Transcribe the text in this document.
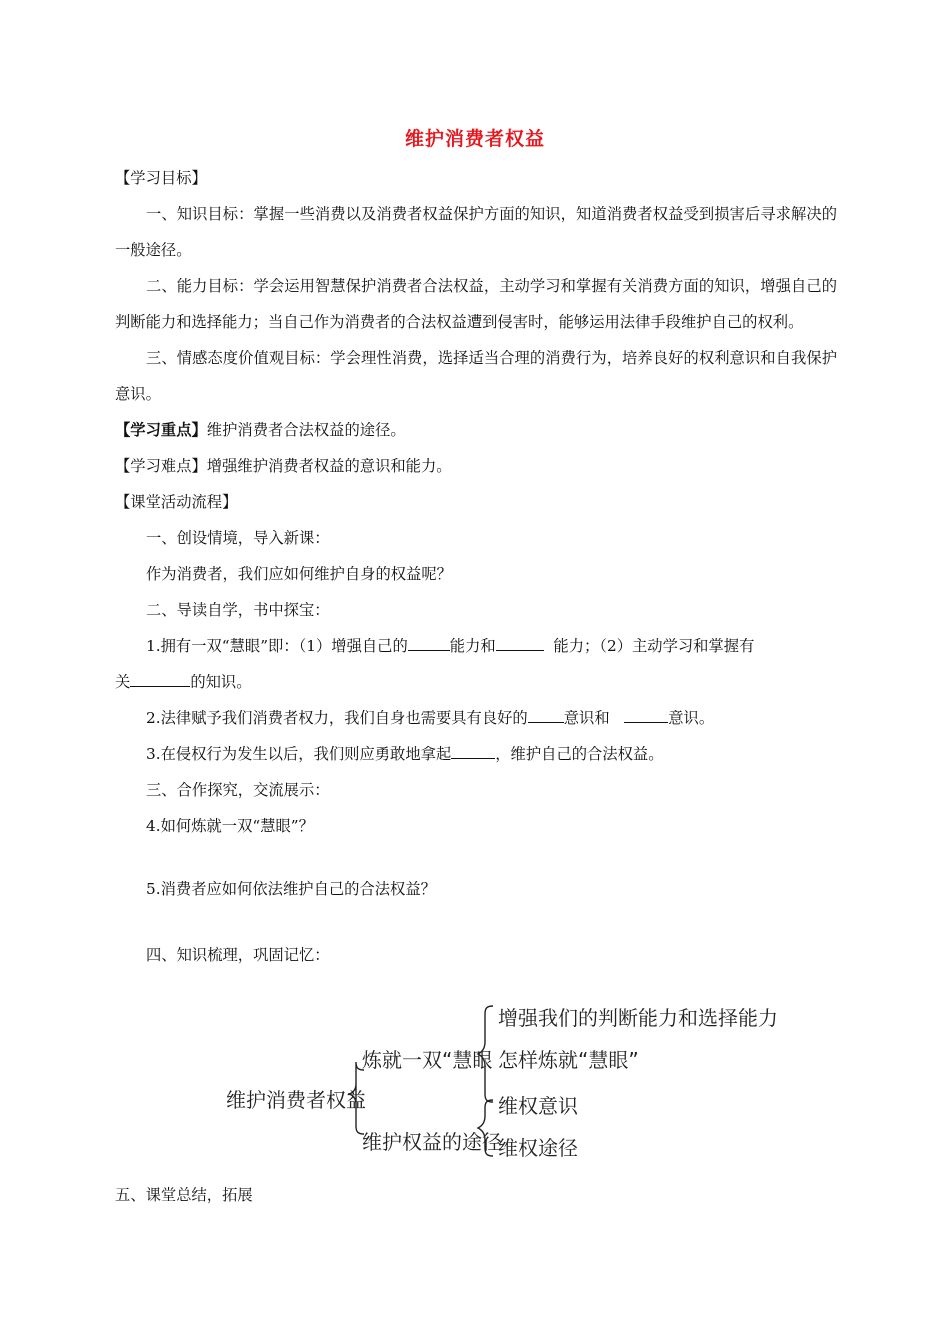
维护消费者权益
【学习目标】
一、知识目标：掌握一些消费以及消费者权益保护方面的知识，知道消费者权益受到损害后寻求解决的一般途径。
二、能力目标：学会运用智慧保护消费者合法权益，主动学习和掌握有关消费方面的知识，增强自己的判断能力和选择能力；当自己作为消费者的合法权益遭到侵害时，能够运用法律手段维护自己的权利。
三、情感态度价值观目标：学会理性消费，选择适当合理的消费行为，培养良好的权利意识和自我保护意识。
【学习重点】维护消费者合法权益的途径。
【学习难点】增强维护消费者权益的意识和能力。
【课堂活动流程】
一、创设情境，导入新课：
作为消费者，我们应如何维护自身的权益呢？
二、导读自学，书中探宝：
1.拥有一双“慧眼”即：（1）增强自己的	能力和	能力；（2）主动学习和掌握有
关	的知识。
2.法律赋予我们消费者权力，我们自身也需要具有良好的 意识和	意识。
3.在侵权行为发生以后，我们则应勇敢地拿起	，维护自己的合法权益。
三、合作探究，交流展示：
4.如何炼就一双“慧眼”？
5.消费者应如何依法维护自己的合法权益？
四、知识梳理，巩固记忆：
维护消费者权益
炼就一双“慧眼
维护权益的途径
增强我们的判断能力和选择能力
怎样炼就“慧眼”
维权意识
维权途径
五、课堂总结，拓展
